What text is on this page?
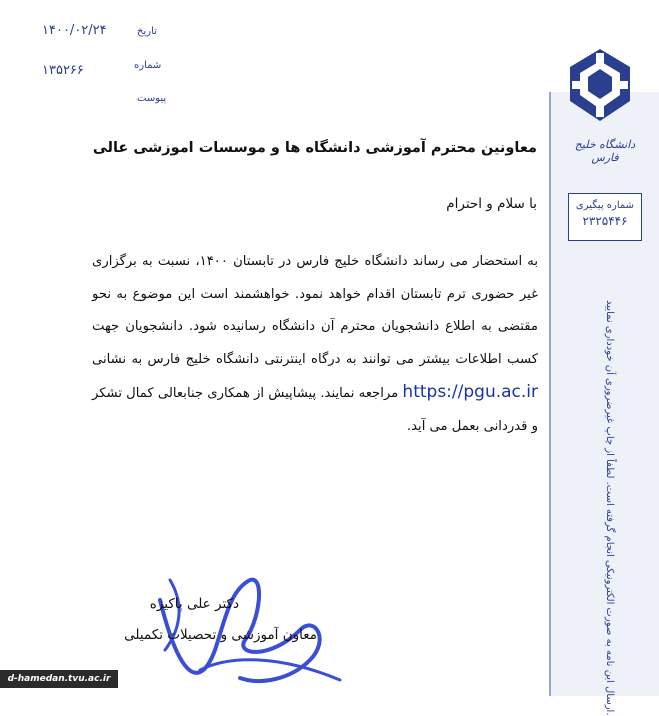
تاریخ
۱۴۰۰/۰۲/۲۴
شماره
۱۳۵۲۶۶
پیوست
دانشگاه خلیج فارس
شماره پیگیری
۲۳۲۵۴۴۶
ارسال این نامه به صورت الکترونیکی انجام گرفته است. لطفاً از چاپ غیرضروری آن خودداری نمایید.
معاونین محترم آموزشی دانشگاه ها و موسسات اموزشی عالی
با سلام و احترام
به استحضار می رساند دانشگاه خلیج فارس در تابستان ۱۴۰۰، نسبت به برگزاری غیر حضوری ترم تابستان اقدام خواهد نمود. خواهشمند است این موضوع به نحو مقتضی به اطلاع دانشجویان محترم آن دانشگاه رسانیده شود. دانشجویان جهت کسب اطلاعات بیشتر می توانند به درگاه اینترنتی دانشگاه خلیج فارس به نشانی https://pgu.ac.ir مراجعه نمایند. پیشاپیش از همکاری جنابعالی کمال تشکر و قدردانی بعمل می آید.
دکتر علی پاکیزه
معاون آموزشی و تحصیلات تکمیلی
d-hamedan.tvu.ac.ir
